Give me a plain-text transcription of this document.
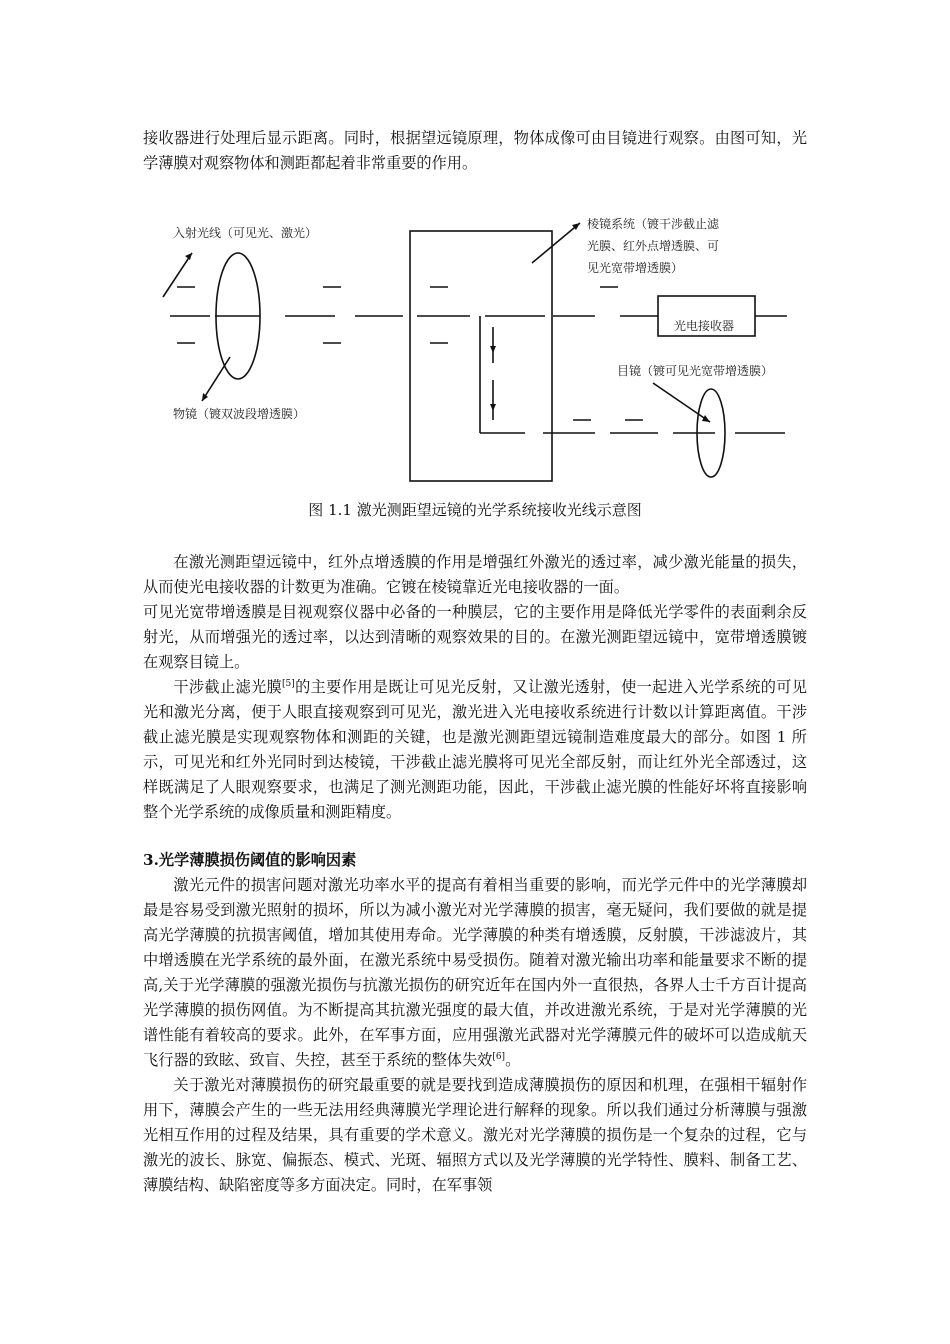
接收器进行处理后显示距离。同时，根据望远镜原理，物体成像可由目镜进行观察。由图可知，光学薄膜对观察物体和测距都起着非常重要的作用。

入射光线（可见光、激光）
物镜（镀双波段增透膜）
棱镜系统（镀干涉截止滤
光膜、红外点增透膜、可
见光宽带增透膜）
光电接收器
目镜（镀可见光宽带增透膜）
图 1.1 激光测距望远镜的光学系统接收光线示意图

在激光测距望远镜中，红外点增透膜的作用是增强红外激光的透过率，减少激光能量的损失，从而使光电接收器的计数更为准确。它镀在棱镜靠近光电接收器的一面。

可见光宽带增透膜是目视观察仪器中必备的一种膜层，它的主要作用是降低光学零件的表面剩余反射光，从而增强光的透过率，以达到清晰的观察效果的目的。在激光测距望远镜中，宽带增透膜镀在观察目镜上。

干涉截止滤光膜[5]的主要作用是既让可见光反射，又让激光透射，使一起进入光学系统的可见光和激光分离，便于人眼直接观察到可见光，激光进入光电接收系统进行计数以计算距离值。干涉截止滤光膜是实现观察物体和测距的关键，也是激光测距望远镜制造难度最大的部分。如图 1 所示，可见光和红外光同时到达棱镜，干涉截止滤光膜将可见光全部反射，而让红外光全部透过，这样既满足了人眼观察要求，也满足了测光测距功能，因此，干涉截止滤光膜的性能好坏将直接影响整个光学系统的成像质量和测距精度。

3.光学薄膜损伤阈值的影响因素

激光元件的损害问题对激光功率水平的提高有着相当重要的影响，而光学元件中的光学薄膜却最是容易受到激光照射的损坏，所以为减小激光对光学薄膜的损害，毫无疑问，我们要做的就是提高光学薄膜的抗损害阈值，增加其使用寿命。光学薄膜的种类有增透膜，反射膜，干涉滤波片，其中增透膜在光学系统的最外面，在激光系统中易受损伤。随着对激光输出功率和能量要求不断的提高,关于光学薄膜的强激光损伤与抗激光损伤的研究近年在国内外一直很热，各界人士千方百计提高光学薄膜的损伤网值。为不断提高其抗激光强度的最大值，并改进激光系统，于是对光学薄膜的光谱性能有着较高的要求。此外，在军事方面，应用强激光武器对光学薄膜元件的破坏可以造成航天飞行器的致眩、致盲、失控，甚至于系统的整体失效[6]。

关于激光对薄膜损伤的研究最重要的就是要找到造成薄膜损伤的原因和机理，在强相干辐射作用下，薄膜会产生的一些无法用经典薄膜光学理论进行解释的现象。所以我们通过分析薄膜与强激光相互作用的过程及结果，具有重要的学术意义。激光对光学薄膜的损伤是一个复杂的过程，它与激光的波长、脉宽、偏振态、模式、光斑、辐照方式以及光学薄膜的光学特性、膜料、制备工艺、薄膜结构、缺陷密度等多方面决定。同时，在军事领
